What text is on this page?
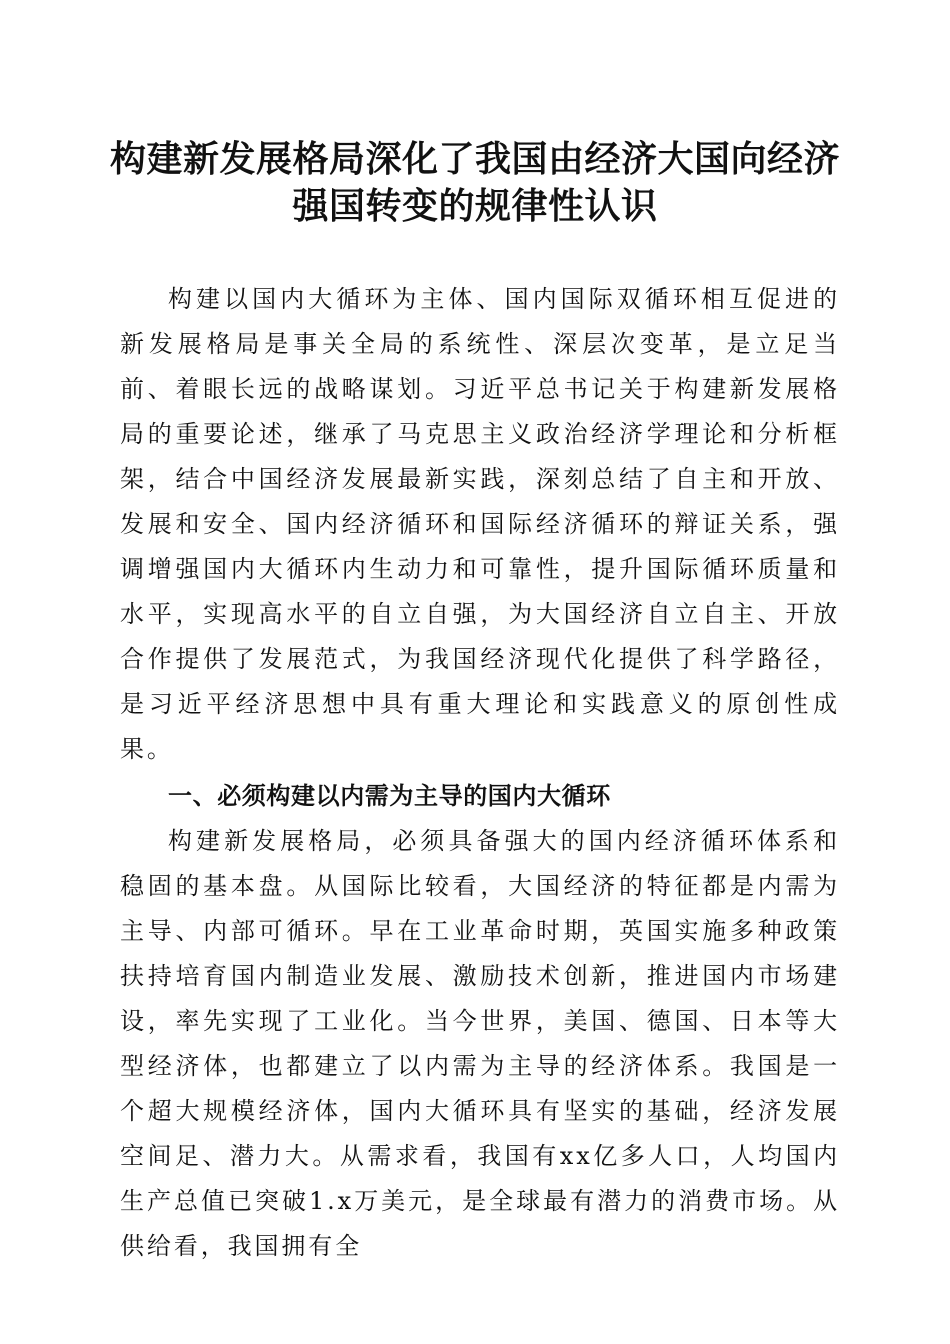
构建新发展格局深化了我国由经济大国向经济
强国转变的规律性认识

构建以国内大循环为主体、国内国际双循环相互促进的新发展格局是事关全局的系统性、深层次变革，是立足当前、着眼长远的战略谋划。习近平总书记关于构建新发展格局的重要论述，继承了马克思主义政治经济学理论和分析框架，结合中国经济发展最新实践，深刻总结了自主和开放、发展和安全、国内经济循环和国际经济循环的辩证关系，强调增强国内大循环内生动力和可靠性，提升国际循环质量和水平，实现高水平的自立自强，为大国经济自立自主、开放合作提供了发展范式，为我国经济现代化提供了科学路径，是习近平经济思想中具有重大理论和实践意义的原创性成果。

一、必须构建以内需为主导的国内大循环

构建新发展格局，必须具备强大的国内经济循环体系和稳固的基本盘。从国际比较看，大国经济的特征都是内需为主导、内部可循环。早在工业革命时期，英国实施多种政策扶持培育国内制造业发展、激励技术创新，推进国内市场建设，率先实现了工业化。当今世界，美国、德国、日本等大型经济体，也都建立了以内需为主导的经济体系。我国是一个超大规模经济体，国内大循环具有坚实的基础，经济发展空间足、潜力大。从需求看，我国有xx亿多人口，人均国内生产总值已突破1.x万美元，是全球最有潜力的消费市场。从供给看，我国拥有全
